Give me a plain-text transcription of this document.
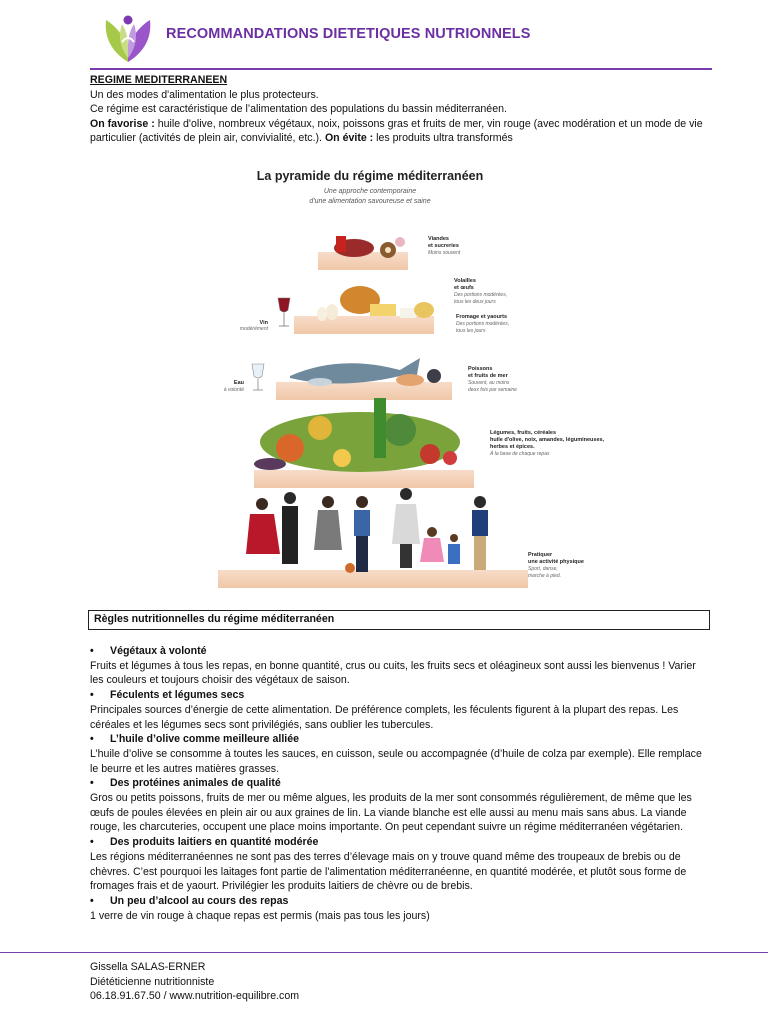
RECOMMANDATIONS DIETETIQUES NUTRIONNELS
REGIME MEDITERRANEEN
Un des modes d'alimentation le plus protecteurs.
Ce régime est caractéristique de l’alimentation des populations du bassin méditerranéen.
On favorise : huile d'olive, nombreux végétaux, noix, poissons gras et fruits de mer, vin rouge (avec modération et un mode de vie particulier (activités de plein air, convivialité, etc.). On évite : les produits ultra transformés
La pyramide du régime méditerranéen
Une approche contemporaine
d'une alimentation savoureuse et saine
Viandes
et sucreries
Moins souvent
Vin
modérément
Volailles
et œufs
Des portions modérées,
tous les deux jours
Fromage et yaourts
Des portions modérées,
tous les jours
Eau
à volonté
Poissons
et fruits de mer
Souvent, au moins
deux fois par semaine
Légumes, fruits, céréales
huile d'olive, noix, amandes, légumineuses,
herbes et épices.
À la base de chaque repas
Pratiquer
une activité physique
Sport, danse,
marche à pied.
Règles nutritionnelles du régime méditerranéen
•	Végétaux à volonté
Fruits et légumes à tous les repas, en bonne quantité, crus ou cuits, les fruits secs et oléagineux sont aussi les bienvenus ! Varier les couleurs et toujours choisir des végétaux de saison.
•	Féculents et légumes secs
Principales sources d’énergie de cette alimentation. De préférence complets, les féculents figurent à la plupart des repas. Les céréales et les légumes secs sont privilégiés, sans oublier les tubercules.
•	L’huile d’olive comme meilleure alliée
L’huile d’olive se consomme à toutes les sauces, en cuisson, seule ou accompagnée (d’huile de colza par exemple). Elle remplace le beurre et les autres matières grasses.
•	Des protéines animales de qualité
Gros ou petits poissons, fruits de mer ou même algues, les produits de la mer sont consommés régulièrement, de même que les œufs de poules élevées en plein air ou aux graines de lin. La viande blanche est elle aussi au menu mais sans abus. La viande rouge, les charcuteries, occupent une place moins importante. On peut cependant suivre un régime méditerranéen végétarien.
•	Des produits laitiers en quantité modérée
Les régions méditerranéennes ne sont pas des terres d’élevage mais on y trouve quand même des troupeaux de brebis ou de chèvres. C’est pourquoi les laitages font partie de l'alimentation méditerranéenne, en quantité modérée, et plutôt sous forme de fromages frais et de yaourt. Privilégier les produits laitiers de chèvre ou de brebis.
•	Un peu d’alcool au cours des repas
1 verre de vin rouge à chaque repas est permis (mais pas tous les jours)
Gissella SALAS-ERNER
Diététicienne nutritionniste
06.18.91.67.50 / www.nutrition-equilibre.com
